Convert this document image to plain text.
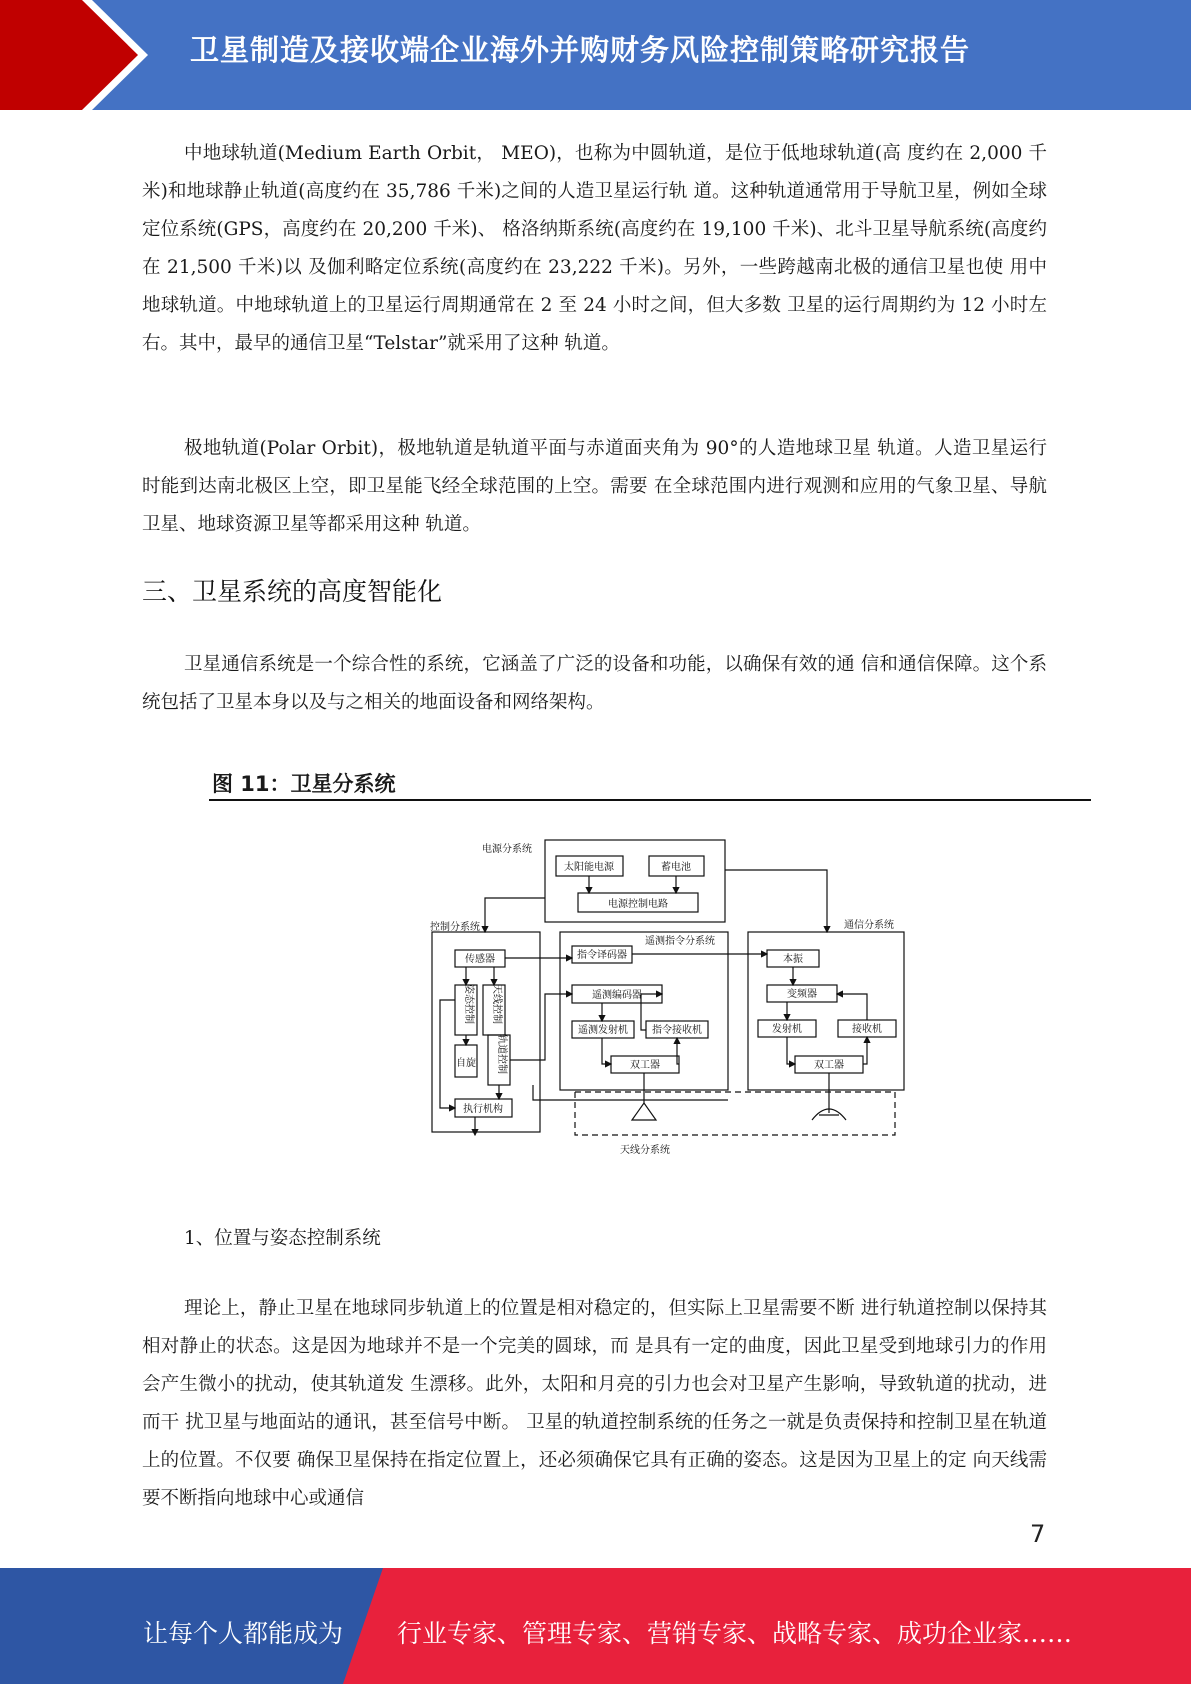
卫星制造及接收端企业海外并购财务风险控制策略研究报告

中地球轨道(Medium Earth Orbit， MEO)，也称为中圆轨道，是位于低地球轨道(高 度约在 2,000 千米)和地球静止轨道(高度约在 35,786 千米)之间的人造卫星运行轨 道。这种轨道通常用于导航卫星，例如全球定位系统(GPS，高度约在 20,200 千米)、 格洛纳斯系统(高度约在 19,100 千米)、北斗卫星导航系统(高度约在 21,500 千米)以 及伽利略定位系统(高度约在 23,222 千米)。另外，一些跨越南北极的通信卫星也使 用中地球轨道。中地球轨道上的卫星运行周期通常在 2 至 24 小时之间，但大多数 卫星的运行周期约为 12 小时左右。其中，最早的通信卫星“Telstar”就采用了这种 轨道。

极地轨道(Polar Orbit)，极地轨道是轨道平面与赤道面夹角为 90°的人造地球卫星 轨道。人造卫星运行时能到达南北极区上空，即卫星能飞经全球范围的上空。需要 在全球范围内进行观测和应用的气象卫星、导航卫星、地球资源卫星等都采用这种 轨道。

三、卫星系统的高度智能化

卫星通信系统是一个综合性的系统，它涵盖了广泛的设备和功能，以确保有效的通 信和通信保障。这个系统包括了卫星本身以及与之相关的地面设备和网络架构。

图 11：卫星分系统
电源分系统
太阳能电源	蓄电池
电源控制电路
控制分系统
传感器
姿态控制 天线控制
自旋 轨道控制
执行机构
遥测指令分系统
指令译码器
遥测编码器
遥测发射机 指令接收机
双工器
通信分系统
本振
变频器
发射机	接收机
双工器
天线分系统
1、位置与姿态控制系统

理论上，静止卫星在地球同步轨道上的位置是相对稳定的，但实际上卫星需要不断 进行轨道控制以保持其相对静止的状态。这是因为地球并不是一个完美的圆球，而 是具有一定的曲度，因此卫星受到地球引力的作用会产生微小的扰动，使其轨道发 生漂移。此外，太阳和月亮的引力也会对卫星产生影响，导致轨道的扰动，进而干 扰卫星与地面站的通讯，甚至信号中断。 卫星的轨道控制系统的任务之一就是负责保持和控制卫星在轨道上的位置。不仅要 确保卫星保持在指定位置上，还必须确保它具有正确的姿态。这是因为卫星上的定 向天线需要不断指向地球中心或通信

7
让每个人都能成为 行业专家、管理专家、营销专家、战略专家、成功企业家……
